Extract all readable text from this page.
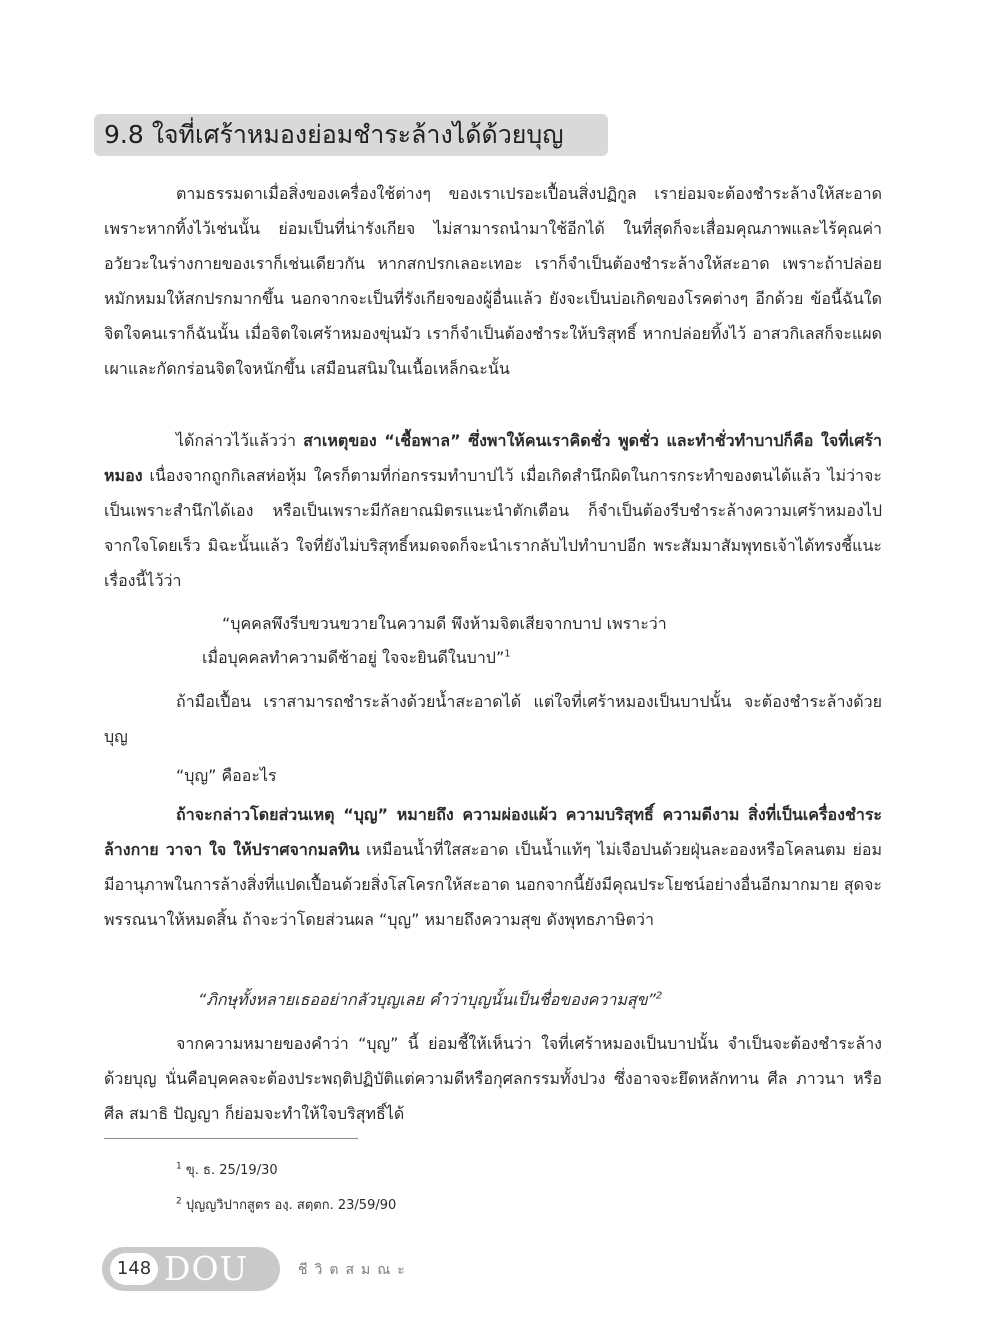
9.8 ใจที่เศร้าหมองย่อมชำระล้างได้ด้วยบุญ
ตามธรรมดาเมื่อสิ่งของเครื่องใช้ต่างๆ ของเราเปรอะเปื้อนสิ่งปฏิกูล เราย่อมจะต้องชำระล้างให้สะอาด เพราะหากทิ้งไว้เช่นนั้น ย่อมเป็นที่น่ารังเกียจ ไม่สามารถนำมาใช้อีกได้ ในที่สุดก็จะเสื่อมคุณภาพและไร้คุณค่า อวัยวะในร่างกายของเราก็เช่นเดียวกัน หากสกปรกเลอะเทอะ เราก็จำเป็นต้องชำระล้างให้สะอาด เพราะถ้าปล่อยหมักหมมให้สกปรกมากขึ้น นอกจากจะเป็นที่รังเกียจของผู้อื่นแล้ว ยังจะเป็นบ่อเกิดของโรคต่างๆ อีกด้วย ข้อนี้ฉันใด จิตใจคนเราก็ฉันนั้น เมื่อจิตใจเศร้าหมองขุ่นมัว เราก็จำเป็นต้องชำระให้บริสุทธิ์ หากปล่อยทิ้งไว้ อาสวกิเลสก็จะแผดเผาและกัดกร่อนจิตใจหนักขึ้น เสมือนสนิมในเนื้อเหล็กฉะนั้น
ได้กล่าวไว้แล้วว่า สาเหตุของ “เชื้อพาล” ซึ่งพาให้คนเราคิดชั่ว พูดชั่ว และทำชั่วทำบาปก็คือ ใจที่เศร้าหมอง เนื่องจากถูกกิเลสห่อหุ้ม ใครก็ตามที่ก่อกรรมทำบาปไว้ เมื่อเกิดสำนึกผิดในการกระทำของตนได้แล้ว ไม่ว่าจะเป็นเพราะสำนึกได้เอง หรือเป็นเพราะมีกัลยาณมิตรแนะนำตักเตือน ก็จำเป็นต้องรีบชำระล้างความเศร้าหมองไปจากใจโดยเร็ว มิฉะนั้นแล้ว ใจที่ยังไม่บริสุทธิ์หมดจดก็จะนำเรากลับไปทำบาปอีก พระสัมมาสัมพุทธเจ้าได้ทรงชี้แนะเรื่องนี้ไว้ว่า
“บุคคลพึงรีบขวนขวายในความดี พึงห้ามจิตเสียจากบาป เพราะว่า
เมื่อบุคคลทำความดีช้าอยู่ ใจจะยินดีในบาป”$^1$
ถ้ามือเปื้อน เราสามารถชำระล้างด้วยน้ำสะอาดได้ แต่ใจที่เศร้าหมองเป็นบาปนั้น จะต้องชำระล้างด้วยบุญ
“บุญ” คืออะไร
ถ้าจะกล่าวโดยส่วนเหตุ “บุญ” หมายถึง ความผ่องแผ้ว ความบริสุทธิ์ ความดีงาม สิ่งที่เป็นเครื่องชำระล้างกาย วาจา ใจ ให้ปราศจากมลทิน เหมือนน้ำที่ใสสะอาด เป็นน้ำแท้ๆ ไม่เจือปนด้วยฝุ่นละอองหรือโคลนตม ย่อมมีอานุภาพในการล้างสิ่งที่แปดเปื้อนด้วยสิ่งโสโครกให้สะอาด นอกจากนี้ยังมีคุณประโยชน์อย่างอื่นอีกมากมาย สุดจะพรรณนาให้หมดสิ้น ถ้าจะว่าโดยส่วนผล “บุญ” หมายถึงความสุข ดังพุทธภาษิตว่า
“ภิกษุทั้งหลายเธออย่ากลัวบุญเลย คำว่าบุญนั้นเป็นชื่อของความสุข”$^2$
จากความหมายของคำว่า “บุญ” นี้ ย่อมชี้ให้เห็นว่า ใจที่เศร้าหมองเป็นบาปนั้น จำเป็นจะต้องชำระล้างด้วยบุญ นั่นคือบุคคลจะต้องประพฤติปฏิบัติแต่ความดีหรือกุศลกรรมทั้งปวง ซึ่งอาจจะยึดหลักทาน ศีล ภาวนา หรือศีล สมาธิ ปัญญา ก็ย่อมจะทำให้ใจบริสุทธิ์ได้
$^1$ ขุ. ธ. 25/19/30
$^2$ ปุญญวิปากสูตร องฺ. สตฺตก. 23/59/90
148 DOU	ชีวิตสมณะ
